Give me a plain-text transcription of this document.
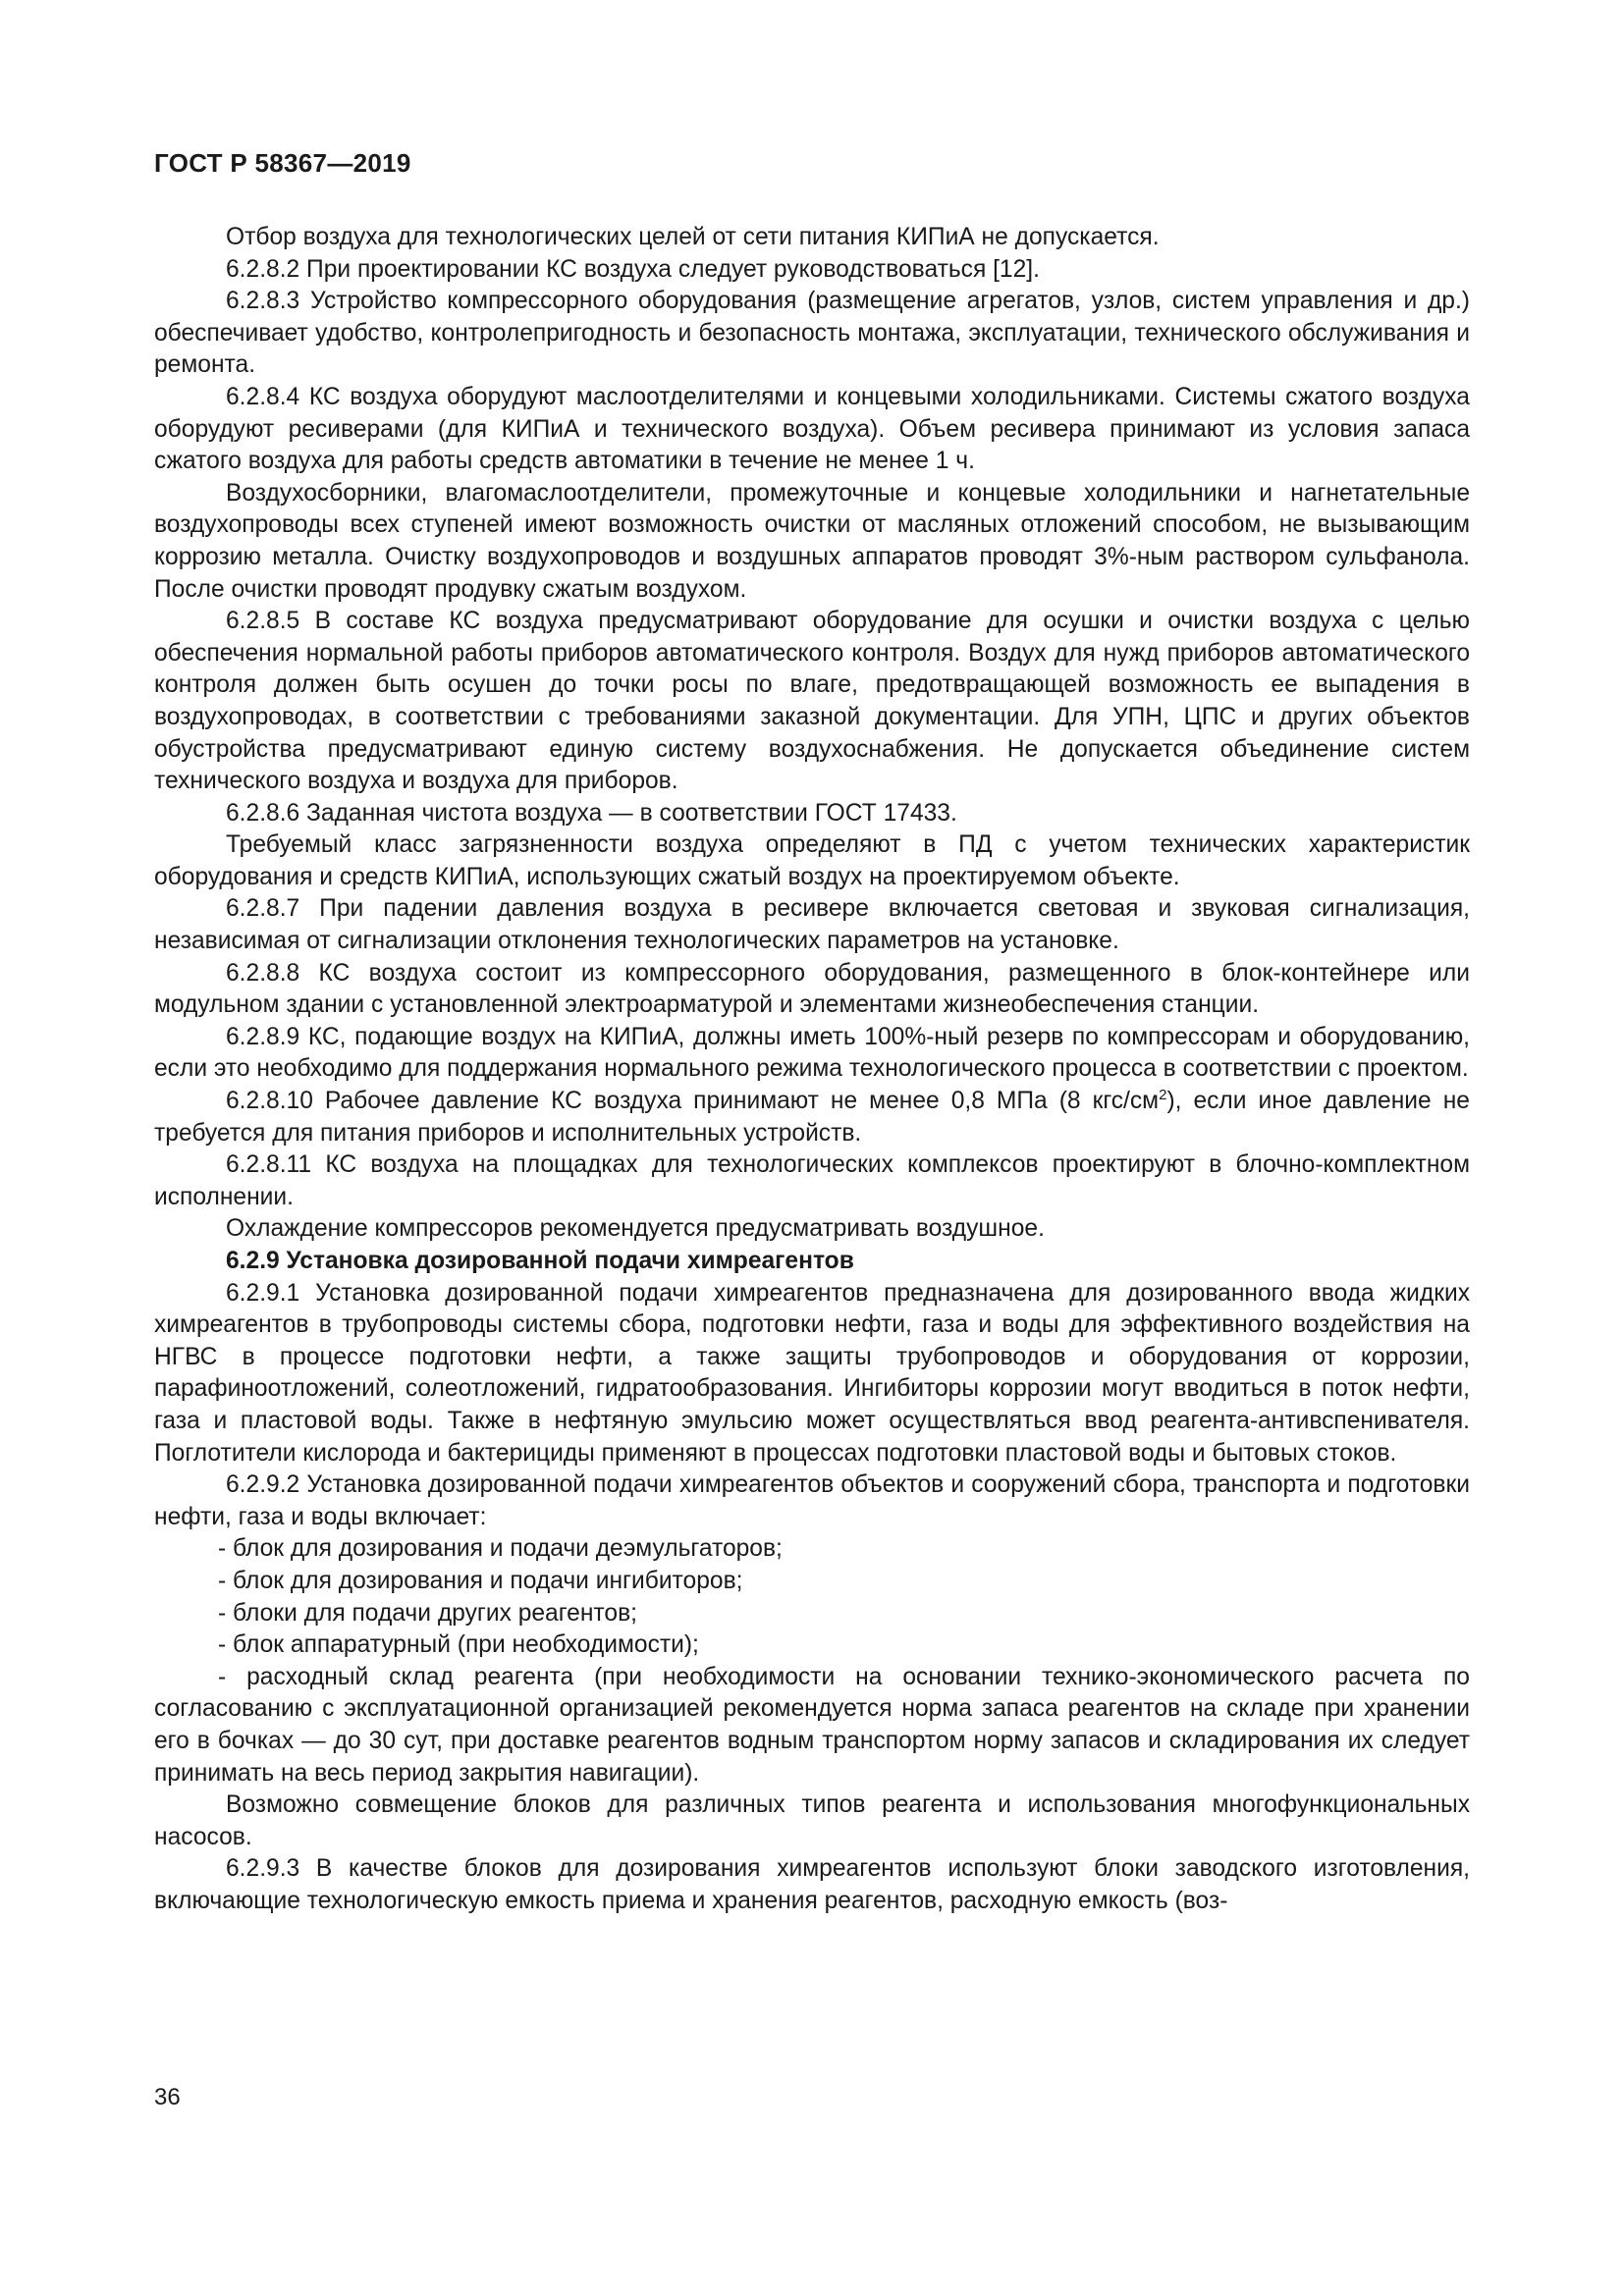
ГОСТ Р 58367—2019

Отбор воздуха для технологических целей от сети питания КИПиА не допускается.

6.2.8.2 При проектировании КС воздуха следует руководствоваться [12].

6.2.8.3 Устройство компрессорного оборудования (размещение агрегатов, узлов, систем управления и др.) обеспечивает удобство, контролепригодность и безопасность монтажа, эксплуатации, технического обслуживания и ремонта.

6.2.8.4 КС воздуха оборудуют маслоотделителями и концевыми холодильниками. Системы сжатого воздуха оборудуют ресиверами (для КИПиА и технического воздуха). Объем ресивера принимают из условия запаса сжатого воздуха для работы средств автоматики в течение не менее 1 ч.

Воздухосборники, влагомаслоотделители, промежуточные и концевые холодильники и нагнетательные воздухопроводы всех ступеней имеют возможность очистки от масляных отложений способом, не вызывающим коррозию металла. Очистку воздухопроводов и воздушных аппаратов проводят 3%-ным раствором сульфанола. После очистки проводят продувку сжатым воздухом.

6.2.8.5 В составе КС воздуха предусматривают оборудование для осушки и очистки воздуха с целью обеспечения нормальной работы приборов автоматического контроля. Воздух для нужд приборов автоматического контроля должен быть осушен до точки росы по влаге, предотвращающей возможность ее выпадения в воздухопроводах, в соответствии с требованиями заказной документации. Для УПН, ЦПС и других объектов обустройства предусматривают единую систему воздухоснабжения. Не допускается объединение систем технического воздуха и воздуха для приборов.

6.2.8.6 Заданная чистота воздуха — в соответствии ГОСТ 17433.

Требуемый класс загрязненности воздуха определяют в ПД с учетом технических характеристик оборудования и средств КИПиА, использующих сжатый воздух на проектируемом объекте.

6.2.8.7 При падении давления воздуха в ресивере включается световая и звуковая сигнализация, независимая от сигнализации отклонения технологических параметров на установке.

6.2.8.8 КС воздуха состоит из компрессорного оборудования, размещенного в блок-контейнере или модульном здании с установленной электроарматурой и элементами жизнеобеспечения станции.

6.2.8.9 КС, подающие воздух на КИПиА, должны иметь 100%-ный резерв по компрессорам и оборудованию, если это необходимо для поддержания нормального режима технологического процесса в соответствии с проектом.

6.2.8.10 Рабочее давление КС воздуха принимают не менее 0,8 МПа (8 кгс/$см^2$), если иное давление не требуется для питания приборов и исполнительных устройств.

6.2.8.11 КС воздуха на площадках для технологических комплексов проектируют в блочно-комплектном исполнении.

Охлаждение компрессоров рекомендуется предусматривать воздушное.

6.2.9 Установка дозированной подачи химреагентов

6.2.9.1 Установка дозированной подачи химреагентов предназначена для дозированного ввода жидких химреагентов в трубопроводы системы сбора, подготовки нефти, газа и воды для эффективного воздействия на НГВС в процессе подготовки нефти, а также защиты трубопроводов и оборудования от коррозии, парафиноотложений, солеотложений, гидратообразования. Ингибиторы коррозии могут вводиться в поток нефти, газа и пластовой воды. Также в нефтяную эмульсию может осуществляться ввод реагента-антивспенивателя. Поглотители кислорода и бактерициды применяют в процессах подготовки пластовой воды и бытовых стоков.

6.2.9.2 Установка дозированной подачи химреагентов объектов и сооружений сбора, транспорта и подготовки нефти, газа и воды включает:

- блок для дозирования и подачи деэмульгаторов;

- блок для дозирования и подачи ингибиторов;

- блоки для подачи других реагентов;

- блок аппаратурный (при необходимости);

- расходный склад реагента (при необходимости на основании технико-экономического расчета по согласованию с эксплуатационной организацией рекомендуется норма запаса реагентов на складе при хранении его в бочках — до 30 сут, при доставке реагентов водным транспортом норму запасов и складирования их следует принимать на весь период закрытия навигации).

Возможно совмещение блоков для различных типов реагента и использования многофункциональных насосов.

6.2.9.3 В качестве блоков для дозирования химреагентов используют блоки заводского изготовления, включающие технологическую емкость приема и хранения реагентов, расходную емкость (воз-

36
